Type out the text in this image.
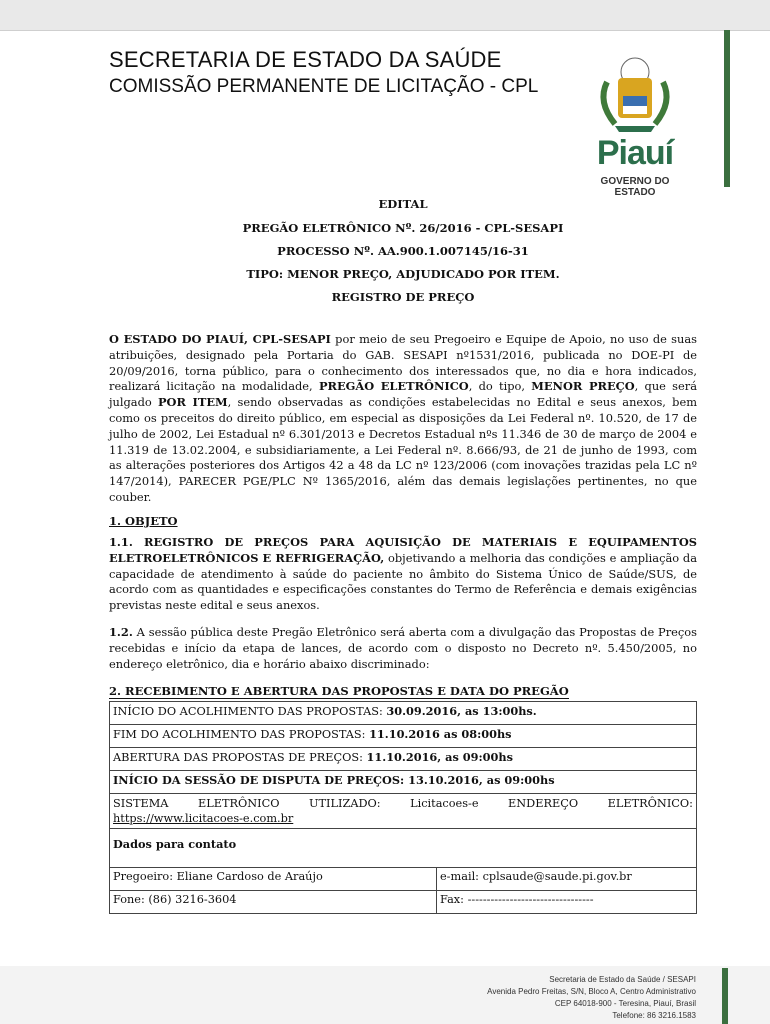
SECRETARIA DE ESTADO DA SAÚDE
COMISSÃO PERMANENTE DE LICITAÇÃO - CPL
Piauí
GOVERNO DO ESTADO
EDITAL
PREGÃO ELETRÔNICO Nº. 26/2016 - CPL-SESAPI
PROCESSO Nº. AA.900.1.007145/16-31
TIPO: MENOR PREÇO, ADJUDICADO POR ITEM.
REGISTRO DE PREÇO
O ESTADO DO PIAUÍ, CPL-SESAPI por meio de seu Pregoeiro e Equipe de Apoio, no uso de suas atribuições, designado pela Portaria do GAB. SESAPI nº1531/2016, publicada no DOE-PI de 20/09/2016, torna público, para o conhecimento dos interessados que, no dia e hora indicados, realizará licitação na modalidade, PREGÃO ELETRÔNICO, do tipo, MENOR PREÇO, que será julgado POR ITEM, sendo observadas as condições estabelecidas no Edital e seus anexos, bem como os preceitos do direito público, em especial as disposições da Lei Federal nº. 10.520, de 17 de julho de 2002, Lei Estadual nº 6.301/2013 e Decretos Estadual nºs 11.346 de 30 de março de 2004 e 11.319 de 13.02.2004, e subsidiariamente, a Lei Federal nº. 8.666/93, de 21 de junho de 1993, com as alterações posteriores dos Artigos 42 a 48 da LC nº 123/2006 (com inovações trazidas pela LC nº 147/2014), PARECER PGE/PLC Nº 1365/2016, além das demais legislações pertinentes, no que couber.
1. OBJETO
1.1. REGISTRO DE PREÇOS PARA AQUISIÇÃO DE MATERIAIS E EQUIPAMENTOS ELETROELETRÔNICOS E REFRIGERAÇÃO, objetivando a melhoria das condições e ampliação da capacidade de atendimento à saúde do paciente no âmbito do Sistema Único de Saúde/SUS, de acordo com as quantidades e especificações constantes do Termo de Referência e demais exigências previstas neste edital e seus anexos.
1.2. A sessão pública deste Pregão Eletrônico será aberta com a divulgação das Propostas de Preços recebidas e início da etapa de lances, de acordo com o disposto no Decreto nº. 5.450/2005, no endereço eletrônico, dia e horário abaixo discriminado:
2. RECEBIMENTO E ABERTURA DAS PROPOSTAS E DATA DO PREGÃO
INÍCIO DO ACOLHIMENTO DAS PROPOSTAS: 30.09.2016, as 13:00hs.	
FIM DO ACOLHIMENTO DAS PROPOSTAS: 11.10.2016 as 08:00hs	
ABERTURA DAS PROPOSTAS DE PREÇOS: 11.10.2016, as 09:00hs	
INÍCIO DA SESSÃO DE DISPUTA DE PREÇOS: 13.10.2016, as 09:00hs	
SISTEMA ELETRÔNICO UTILIZADO: Licitacoes-e ENDEREÇO ELETRÔNICO:
https://www.licitacoes-e.com.br	
Dados para contato	
Pregoeiro: Eliane Cardoso de Araújo	e-mail: cplsaude@saude.pi.gov.br
Fone: (86) 3216-3604	Fax: ---------------------------------
Secretaria de Estado da Saúde / SESAPI
Avenida Pedro Freitas, S/N, Bloco A, Centro Administrativo
CEP 64018-900 - Teresina, Piauí, Brasil
Telefone: 86 3216.1583
